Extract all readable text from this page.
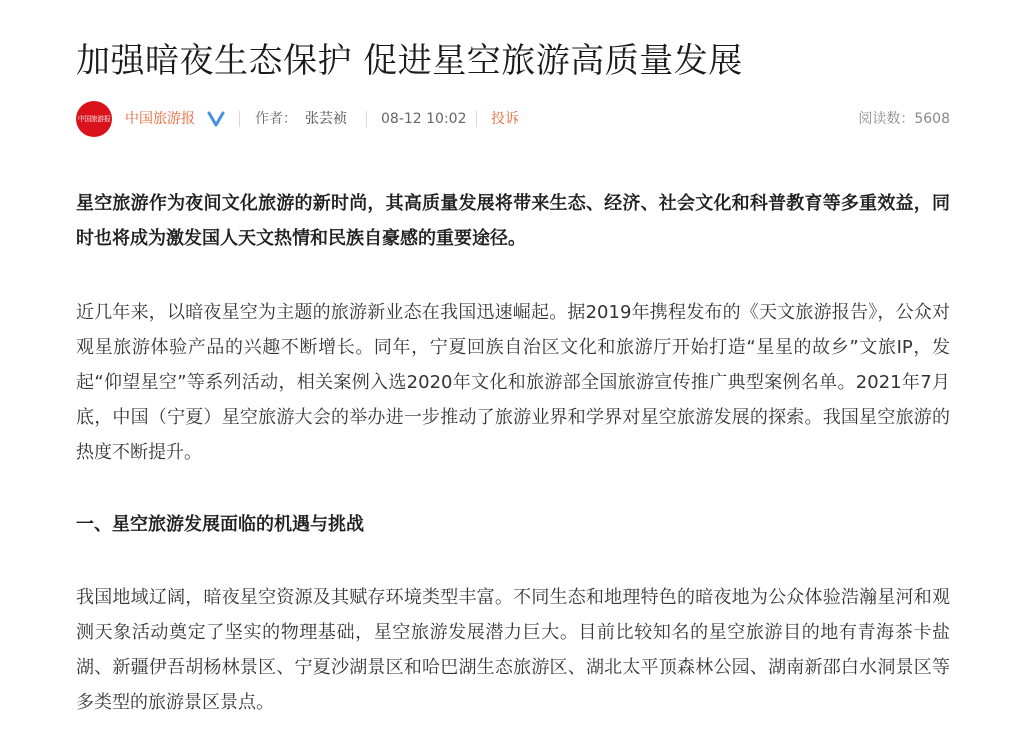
加强暗夜生态保护 促进星空旅游高质量发展
中国旅游报 中国旅游报	作者： 张芸祯 08-12 10:02 投诉	阅读数：5608

星空旅游作为夜间文化旅游的新时尚，其高质量发展将带来生态、经济、社会文化和科普教育等多重效益，同时也将成为激发国人天文热情和民族自豪感的重要途径。

近几年来，以暗夜星空为主题的旅游新业态在我国迅速崛起。据2019年携程发布的《天文旅游报告》，公众对观星旅游体验产品的兴趣不断增长。同年，宁夏回族自治区文化和旅游厅开始打造“星星的故乡”文旅IP，发起“仰望星空”等系列活动，相关案例入选2020年文化和旅游部全国旅游宣传推广典型案例名单。2021年7月底，中国（宁夏）星空旅游大会的举办进一步推动了旅游业界和学界对星空旅游发展的探索。我国星空旅游的热度不断提升。

一、星空旅游发展面临的机遇与挑战

我国地域辽阔，暗夜星空资源及其赋存环境类型丰富。不同生态和地理特色的暗夜地为公众体验浩瀚星河和观测天象活动奠定了坚实的物理基础，星空旅游发展潜力巨大。目前比较知名的星空旅游目的地有青海茶卡盐湖、新疆伊吾胡杨林景区、宁夏沙湖景区和哈巴湖生态旅游区、湖北太平顶森林公园、湖南新邵白水洞景区等多类型的旅游景区景点。
